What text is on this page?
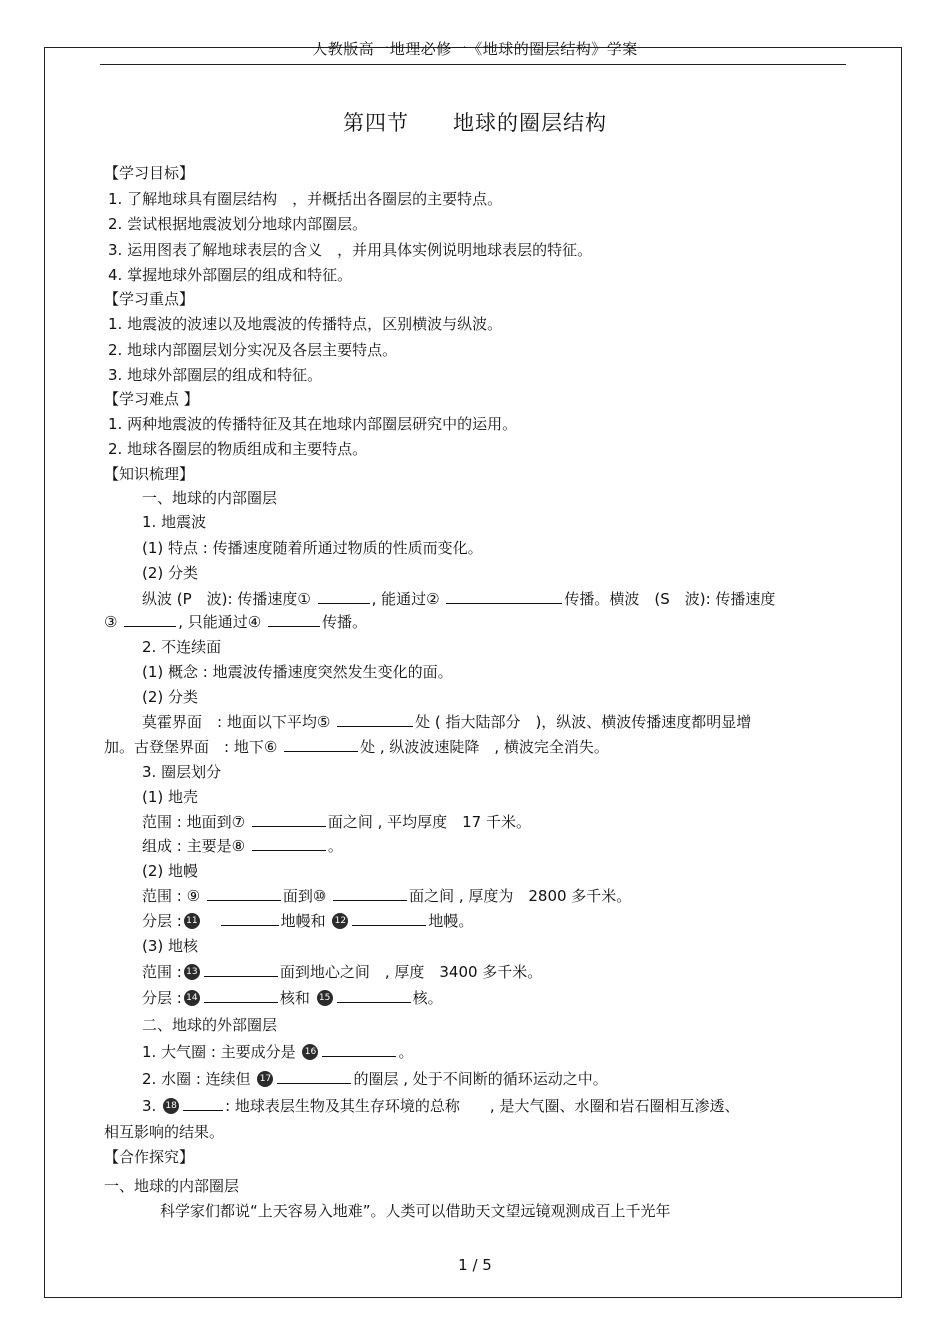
人教版高一地理必修一《地球的圈层结构》学案
第四节 地球的圈层结构
【学习目标】
1. 了解地球具有圈层结构　，并概括出各圈层的主要特点。
2. 尝试根据地震波划分地球内部圈层。
3. 运用图表了解地球表层的含义　，并用具体实例说明地球表层的特征。
4. 掌握地球外部圈层的组成和特征。
【学习重点】
1. 地震波的波速以及地震波的传播特点，区别横波与纵波。
2. 地球内部圈层划分实况及各层主要特点。
3. 地球外部圈层的组成和特征。
【学习难点 】
1. 两种地震波的传播特征及其在地球内部圈层研究中的运用。
2. 地球各圈层的物质组成和主要特点。
【知识梳理】
一、地球的内部圈层
1. 地震波
(1) 特点 : 传播速度随着所通过物质的性质而变化。
(2) 分类
纵波 (P　波): 传播速度①	, 能通过②	传播。横波　(S　波): 传播速度
③	, 只能通过④	传播。
2. 不连续面
(1) 概念 : 地震波传播速度突然发生变化的面。
(2) 分类
莫霍界面　: 地面以下平均⑤	处 ( 指大陆部分　)，纵波、横波传播速度都明显增
加。古登堡界面　: 地下⑥	处 , 纵波波速陡降　, 横波完全消失。
3. 圈层划分
(1) 地壳
范围 : 地面到⑦	面之间 , 平均厚度　17 千米。
组成 : 主要是⑧	。
(2) 地幔
范围 : ⑨	面到⑩	面之间 , 厚度为　2800 多千米。
分层 : 11	地幔和 12	地幔。
(3) 地核
范围 : 13	面到地心之间　, 厚度　3400 多千米。
分层 : 14	核和 15	核。
二、地球的外部圈层
1. 大气圈 : 主要成分是 16	。
2. 水圈 : 连续但 17	的圈层 , 处于不间断的循环运动之中。
3. 18	: 地球表层生物及其生存环境的总称　　, 是大气圈、水圈和岩石圈相互渗透、
相互影响的结果。
【合作探究】
一、地球的内部圈层
科学家们都说“上天容易入地难”。人类可以借助天文望远镜观测成百上千光年
1 / 5
